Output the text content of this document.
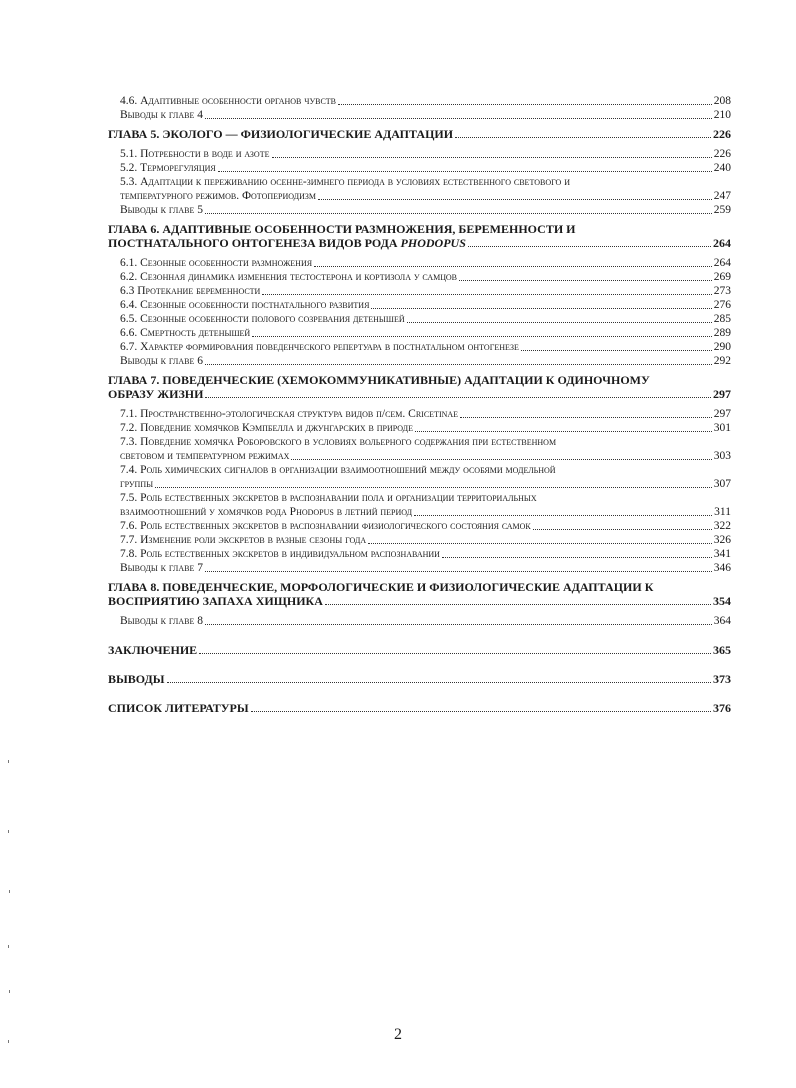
4.6. Адаптивные особенности органов чувств	208
Выводы к главе 4	210
ГЛАВА 5. ЭКОЛОГО — ФИЗИОЛОГИЧЕСКИЕ АДАПТАЦИИ	226
5.1. Потребности в воде и азоте	226
5.2. Терморегуляция	240
5.3. Адаптации к переживанию осенне-зимнего периода в условиях естественного светового и
температурного режимов. Фотопериодизм	247
Выводы к главе 5	259
ГЛАВА 6. АДАПТИВНЫЕ ОСОБЕННОСТИ РАЗМНОЖЕНИЯ, БЕРЕМЕННОСТИ И
ПОСТНАТАЛЬНОГО ОНТОГЕНЕЗА ВИДОВ РОДА PHODOPUS	264
6.1. Сезонные особенности размножения	264
6.2. Сезонная динамика изменения тестостерона и кортизола у самцов	269
6.3 Протекание беременности	273
6.4. Сезонные особенности постнатального развития	276
6.5. Сезонные особенности полового созревания детенышей	285
6.6. Смертность детенышей	289
6.7. Характер формирования поведенческого репертуара в постнатальном онтогенезе	290
Выводы к главе 6	292
ГЛАВА 7. ПОВЕДЕНЧЕСКИЕ (ХЕМОКОММУНИКАТИВНЫЕ) АДАПТАЦИИ К ОДИНОЧНОМУ
ОБРАЗУ ЖИЗНИ	297
7.1. Пространственно-этологическая структура видов п/сем. Cricetinae	297
7.2. Поведение хомячков Кэмпбелла и джунгарских в природе	301
7.3. Поведение хомячка Роборовского в условиях вольерного содержания при естественном
световом и температурном режимах	303
7.4. Роль химических сигналов в организации взаимоотношений между особями модельной
группы	307
7.5. Роль естественных экскретов в распознавании пола и организации территориальных
взаимоотношений у хомячков рода Phodopus в летний период	311
7.6. Роль естественных экскретов в распознавании физиологического состояния самок	322
7.7. Изменение роли экскретов в разные сезоны года	326
7.8. Роль естественных экскретов в индивидуальном распознавании	341
Выводы к главе 7	346
ГЛАВА 8. ПОВЕДЕНЧЕСКИЕ, МОРФОЛОГИЧЕСКИЕ И ФИЗИОЛОГИЧЕСКИЕ АДАПТАЦИИ К
ВОСПРИЯТИЮ ЗАПАХА ХИЩНИКА	354
Выводы к главе 8	364
ЗАКЛЮЧЕНИЕ	365
ВЫВОДЫ	373
СПИСОК ЛИТЕРАТУРЫ	376
2
